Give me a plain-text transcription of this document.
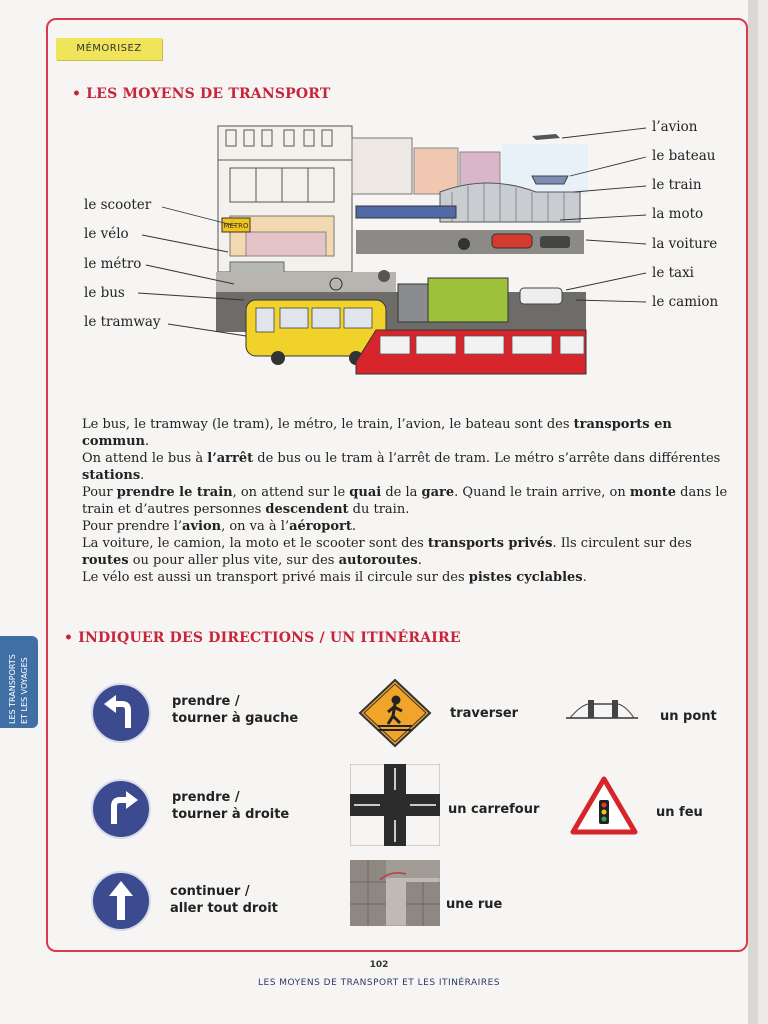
MÉMORISEZ
• LES MOYENS DE TRANSPORT
MÉTRO
le scooter
le vélo
le métro
le bus
le tramway
l’avion
le bateau
le train
la moto
la voiture
le taxi
le camion

Le bus, le tramway (le tram), le métro, le train, l’avion, le bateau sont des transports en commun.

On attend le bus à l’arrêt de bus ou le tram à l’arrêt de tram. Le métro s’arrête dans différentes stations.

Pour prendre le train, on attend sur le quai de la gare. Quand le train arrive, on monte dans le train et d’autres personnes descendent du train.

Pour prendre l’avion, on va à l’aéroport.

La voiture, le camion, la moto et le scooter sont des transports privés. Ils circulent sur des routes ou pour aller plus vite, sur des autoroutes.

Le vélo est aussi un transport privé mais il circule sur des pistes cyclables.

• INDIQUER DES DIRECTIONS / UN ITINÉRAIRE
prendre /
tourner à gauche
prendre /
tourner à droite
continuer /
aller tout droit
traverser
un carrefour
une rue
un pont
un feu
LES TRANSPORTS ET LES VOYAGES
102
LES MOYENS DE TRANSPORT ET LES ITINÉRAIRES
